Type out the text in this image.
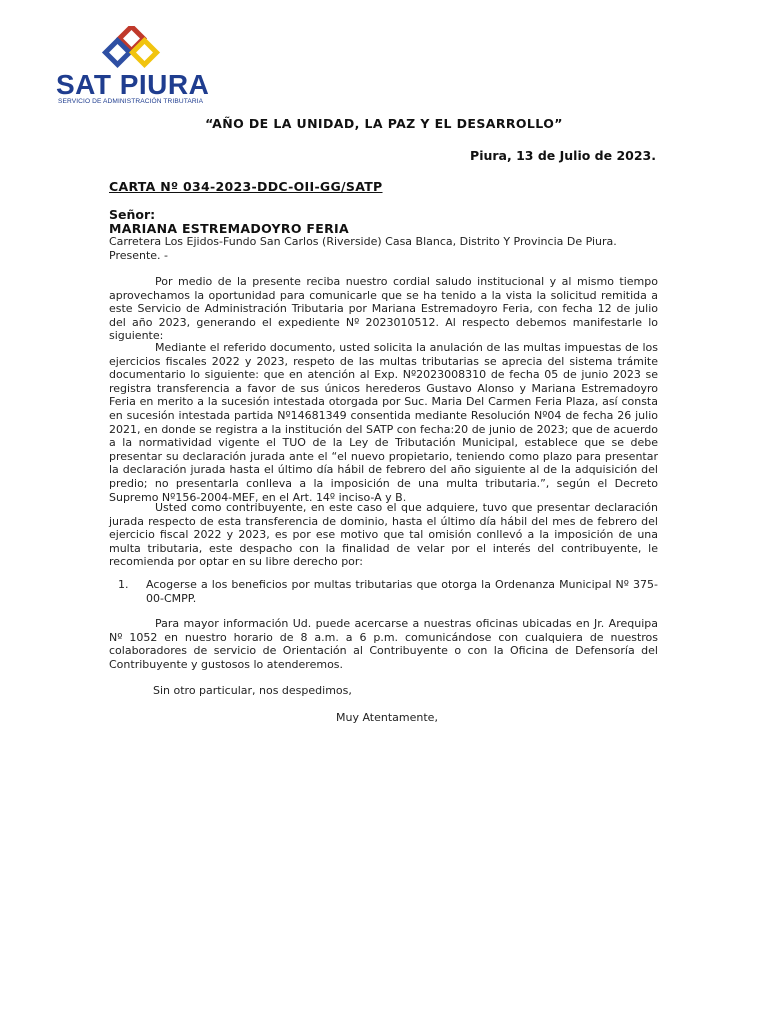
SAT PIURA
SERVICIO DE ADMINISTRACIÓN TRIBUTARIA
“AÑO DE LA UNIDAD, LA PAZ Y EL DESARROLLO”
Piura, 13 de Julio de 2023.
CARTA Nº 034-2023-DDC-OII-GG/SATP
Señor:
MARIANA ESTREMADOYRO FERIA
Carretera Los Ejidos-Fundo San Carlos (Riverside) Casa Blanca, Distrito Y Provincia De Piura.
Presente. -

Por medio de la presente reciba nuestro cordial saludo institucional y al mismo tiempo aprovechamos la oportunidad para comunicarle que se ha tenido a la vista la solicitud remitida a este Servicio de Administración Tributaria por Mariana Estremadoyro Feria, con fecha 12 de julio del año 2023, generando el expediente Nº 2023010512. Al respecto debemos manifestarle lo siguiente:

Mediante el referido documento, usted solicita la anulación de las multas impuestas de los ejercicios fiscales 2022 y 2023, respeto de las multas tributarias se aprecia del sistema trámite documentario lo siguiente: que en atención al Exp. Nº2023008310 de fecha 05 de junio 2023 se registra transferencia a favor de sus únicos herederos Gustavo Alonso y Mariana Estremadoyro Feria en merito a la sucesión intestada otorgada por Suc. Maria Del Carmen Feria Plaza, así consta en sucesión intestada partida Nº14681349 consentida mediante Resolución Nº04 de fecha 26 julio 2021, en donde se registra a la institución del SATP con fecha:20 de junio de 2023; que de acuerdo a la normatividad vigente el TUO de la Ley de Tributación Municipal, establece que se debe presentar su declaración jurada ante el “el nuevo propietario, teniendo como plazo para presentar la declaración jurada hasta el último día hábil de febrero del año siguiente al de la adquisición del predio; no presentarla conlleva a la imposición de una multa tributaria.”, según el Decreto Supremo Nº156-2004-MEF, en el Art. 14º inciso-A y B.

Usted como contribuyente, en este caso el que adquiere, tuvo que presentar declaración jurada respecto de esta transferencia de dominio, hasta el último día hábil del mes de febrero del ejercicio fiscal 2022 y 2023, es por ese motivo que tal omisión conllevó a la imposición de una multa tributaria, este despacho con la finalidad de velar por el interés del contribuyente, le recomienda por optar en su libre derecho por:

1. Acogerse a los beneficios por multas tributarias que otorga la Ordenanza Municipal Nº 375-00-CMPP.

Para mayor información Ud. puede acercarse a nuestras oficinas ubicadas en Jr. Arequipa Nº 1052 en nuestro horario de 8 a.m. a 6 p.m. comunicándose con cualquiera de nuestros colaboradores de servicio de Orientación al Contribuyente o con la Oficina de Defensoría del Contribuyente y gustosos lo atenderemos.

Sin otro particular, nos despedimos,
Muy Atentamente,
